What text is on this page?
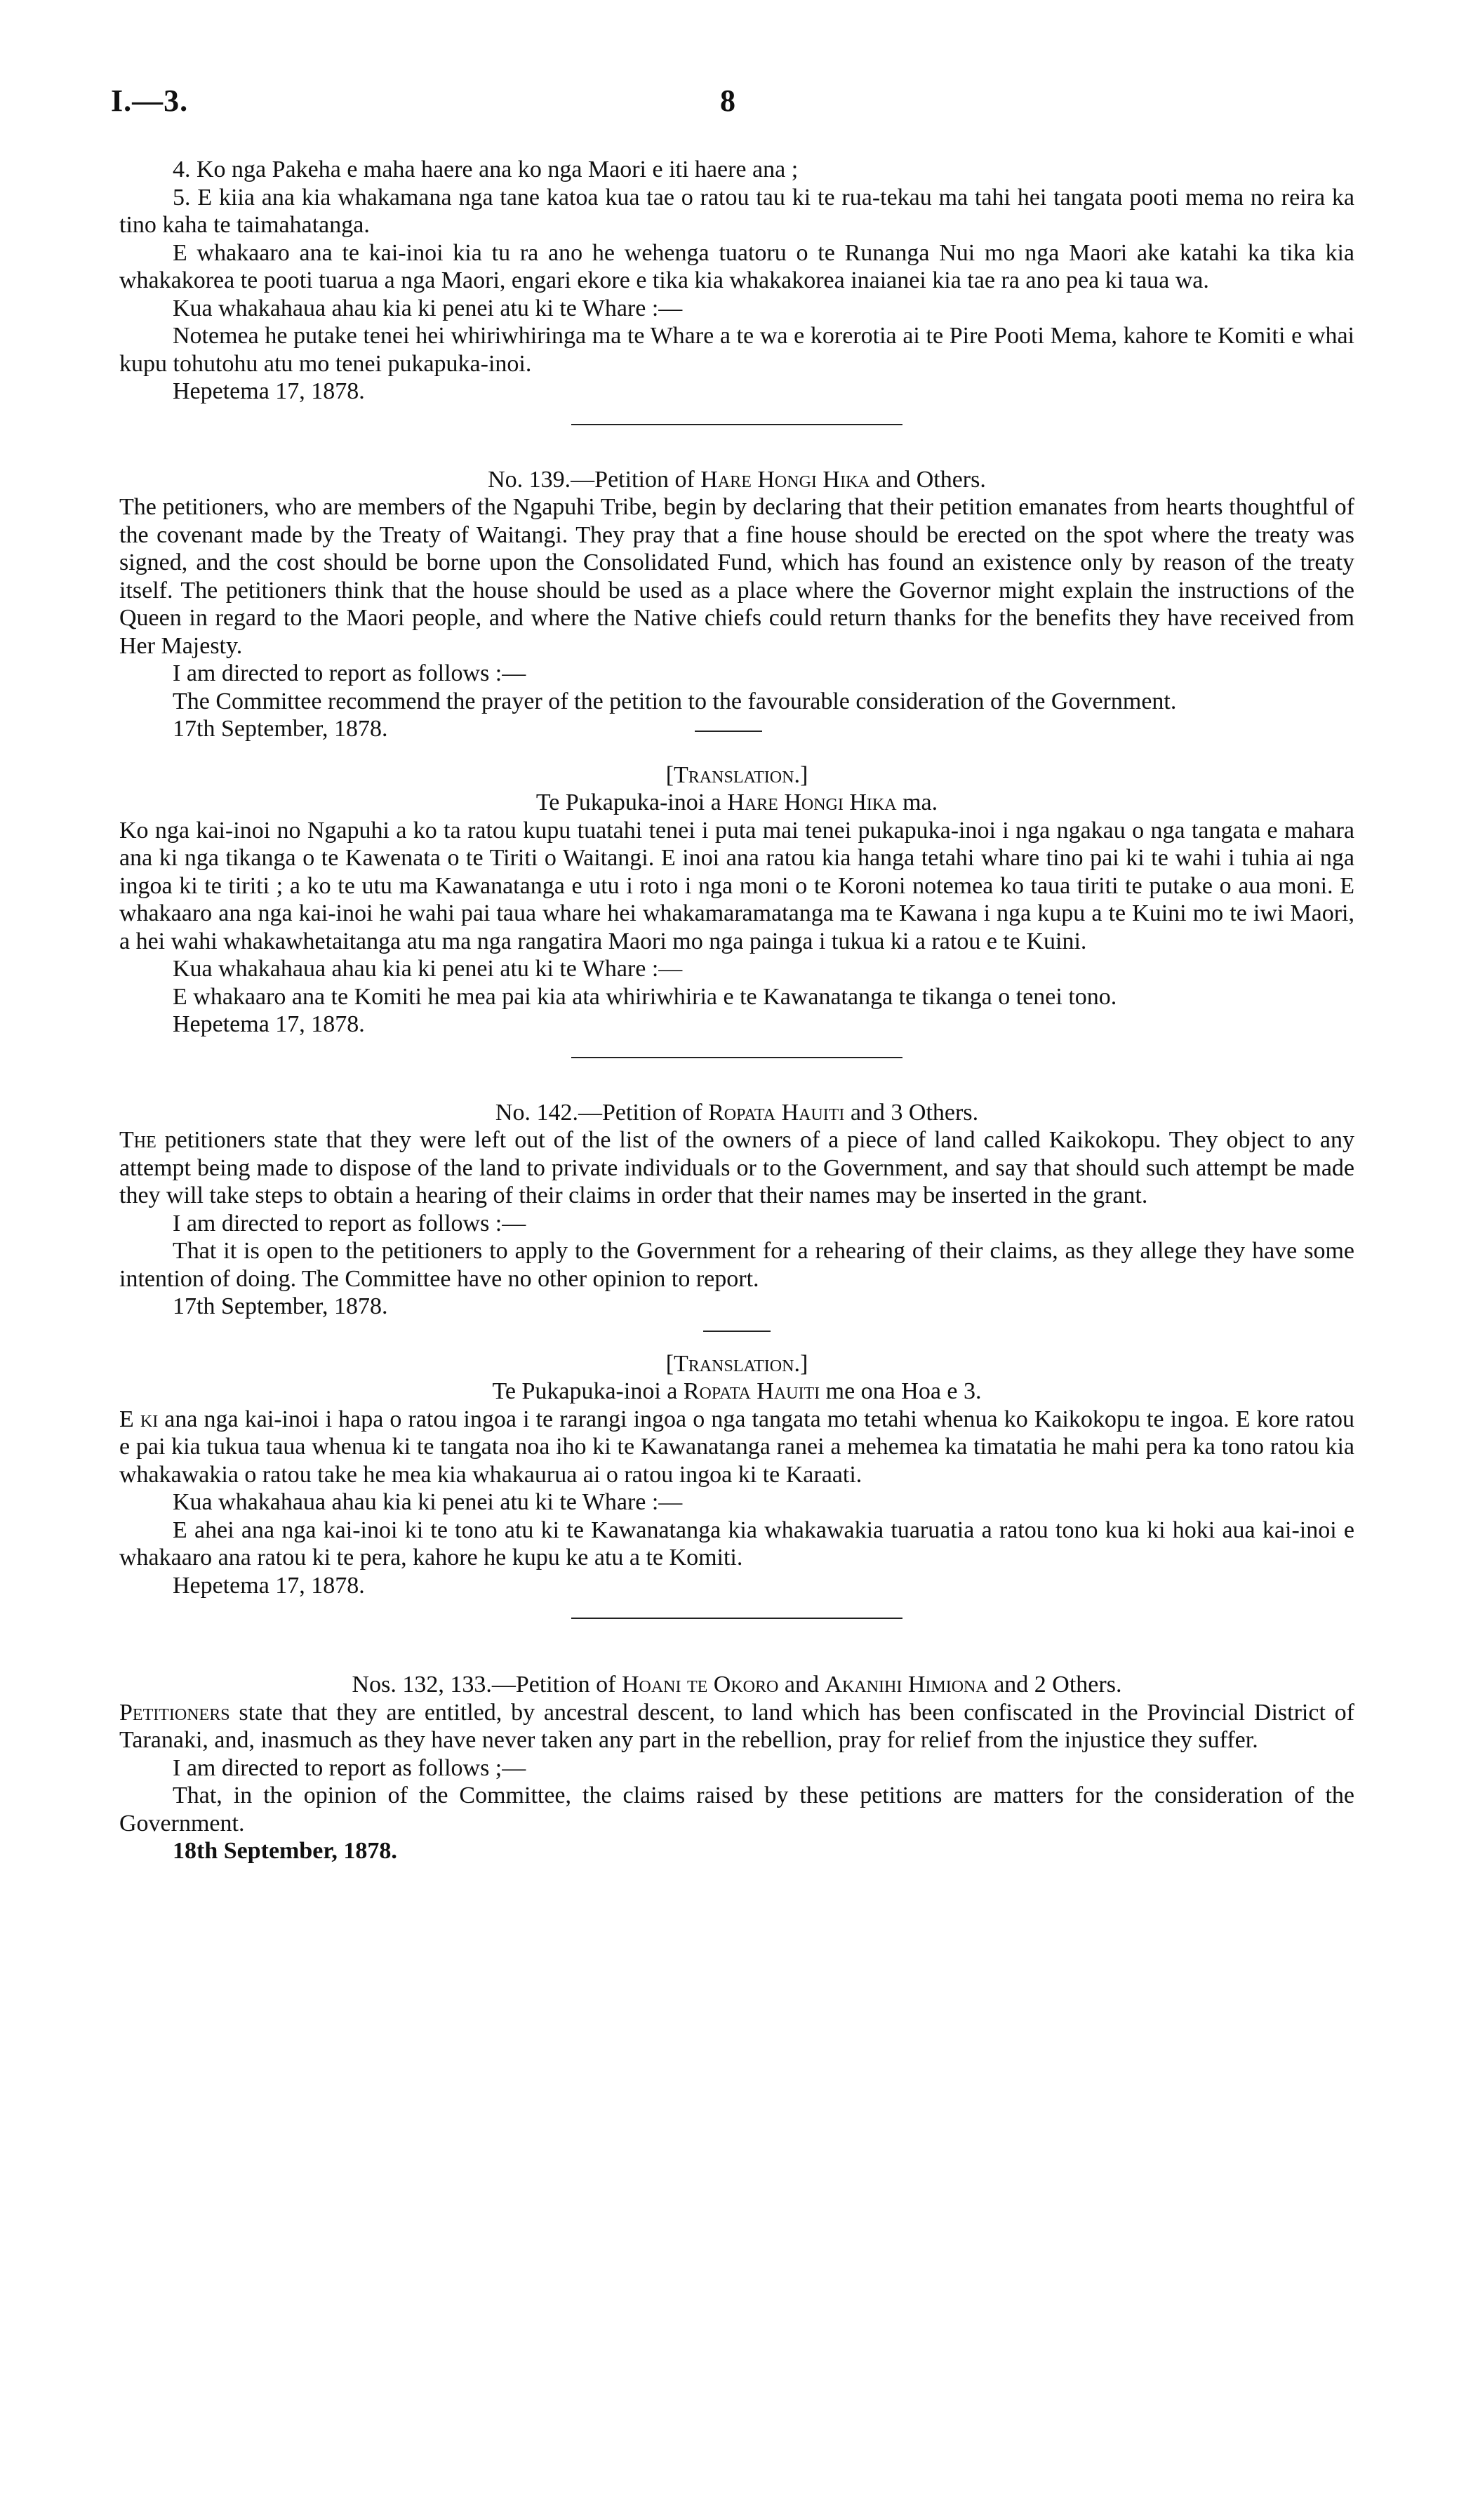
I.—3.	8

4. Ko nga Pakeha e maha haere ana ko nga Maori e iti haere ana ;

5. E kiia ana kia whakamana nga tane katoa kua tae o ratou tau ki te rua-tekau ma tahi hei tangata pooti mema no reira ka tino kaha te taimahatanga.

E whakaaro ana te kai-inoi kia tu ra ano he wehenga tuatoru o te Runanga Nui mo nga Maori ake katahi ka tika kia whakakorea te pooti tuarua a nga Maori, engari ekore e tika kia whakakorea inaianei kia tae ra ano pea ki taua wa.

Kua whakahaua ahau kia ki penei atu ki te Whare :—

Notemea he putake tenei hei whiriwhiringa ma te Whare a te wa e korerotia ai te Pire Pooti Mema, kahore te Komiti e whai kupu tohutohu atu mo tenei pukapuka-inoi.

Hepetema 17, 1878.

No. 139.—Petition of Hare Hongi Hika and Others.

The petitioners, who are members of the Ngapuhi Tribe, begin by declaring that their petition emanates from hearts thoughtful of the covenant made by the Treaty of Waitangi. They pray that a fine house should be erected on the spot where the treaty was signed, and the cost should be borne upon the Consolidated Fund, which has found an existence only by reason of the treaty itself. The petitioners think that the house should be used as a place where the Governor might explain the instructions of the Queen in regard to the Maori people, and where the Native chiefs could return thanks for the benefits they have received from Her Majesty.

I am directed to report as follows :—

The Committee recommend the prayer of the petition to the favourable consideration of the Government.

17th September, 1878.

[Translation.]

Te Pukapuka-inoi a Hare Hongi Hika ma.

Ko nga kai-inoi no Ngapuhi a ko ta ratou kupu tuatahi tenei i puta mai tenei pukapuka-inoi i nga ngakau o nga tangata e mahara ana ki nga tikanga o te Kawenata o te Tiriti o Waitangi. E inoi ana ratou kia hanga tetahi whare tino pai ki te wahi i tuhia ai nga ingoa ki te tiriti ; a ko te utu ma Kawanatanga e utu i roto i nga moni o te Koroni notemea ko taua tiriti te putake o aua moni. E whakaaro ana nga kai-inoi he wahi pai taua whare hei whakamaramatanga ma te Kawana i nga kupu a te Kuini mo te iwi Maori, a hei wahi whakawhetaitanga atu ma nga rangatira Maori mo nga painga i tukua ki a ratou e te Kuini.

Kua whakahaua ahau kia ki penei atu ki te Whare :—

E whakaaro ana te Komiti he mea pai kia ata whiriwhiria e te Kawanatanga te tikanga o tenei tono.

Hepetema 17, 1878.

No. 142.—Petition of Ropata Hauiti and 3 Others.

The petitioners state that they were left out of the list of the owners of a piece of land called Kaikokopu. They object to any attempt being made to dispose of the land to private individuals or to the Government, and say that should such attempt be made they will take steps to obtain a hearing of their claims in order that their names may be inserted in the grant.

I am directed to report as follows :—

That it is open to the petitioners to apply to the Government for a rehearing of their claims, as they allege they have some intention of doing. The Committee have no other opinion to report.

17th September, 1878.

[Translation.]

Te Pukapuka-inoi a Ropata Hauiti me ona Hoa e 3.

E ki ana nga kai-inoi i hapa o ratou ingoa i te rarangi ingoa o nga tangata mo tetahi whenua ko Kaikokopu te ingoa. E kore ratou e pai kia tukua taua whenua ki te tangata noa iho ki te Kawanatanga ranei a mehemea ka timatatia he mahi pera ka tono ratou kia whakawakia o ratou take he mea kia whakaurua ai o ratou ingoa ki te Karaati.

Kua whakahaua ahau kia ki penei atu ki te Whare :—

E ahei ana nga kai-inoi ki te tono atu ki te Kawanatanga kia whakawakia tuaruatia a ratou tono kua ki hoki aua kai-inoi e whakaaro ana ratou ki te pera, kahore he kupu ke atu a te Komiti.

Hepetema 17, 1878.

Nos. 132, 133.—Petition of Hoani te Okoro and Akanihi Himiona and 2 Others.

Petitioners state that they are entitled, by ancestral descent, to land which has been confiscated in the Provincial District of Taranaki, and, inasmuch as they have never taken any part in the rebellion, pray for relief from the injustice they suffer.

I am directed to report as follows ;—

That, in the opinion of the Committee, the claims raised by these petitions are matters for the consideration of the Government.

18th September, 1878.
